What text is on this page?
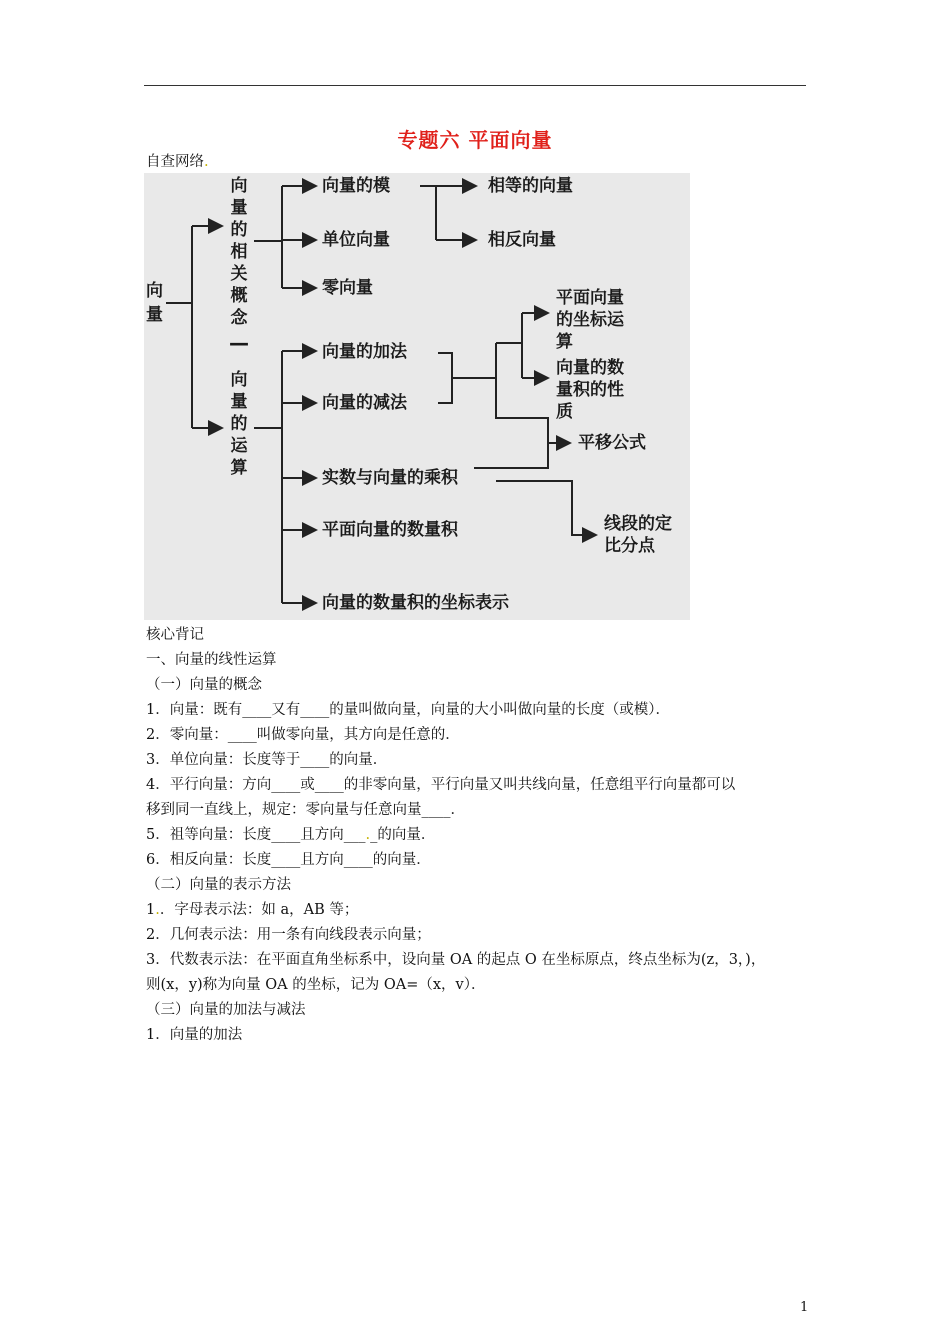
专题六 平面向量
自查网络.
向量
向量的相关概念
—
向量的运算
向量的模
单位向量
零向量
相等的向量
相反向量
向量的加法
向量的减法
实数与向量的乘积
平面向量的数量积
向量的数量积的坐标表示
平面向量的坐标运算
向量的数量积的性质
平移公式
线段的定比分点
核心背记
一、向量的线性运算
（一）向量的概念
1．向量：既有____又有____的量叫做向量，向量的大小叫做向量的长度（或模）．
2．零向量：____叫做零向量，其方向是任意的．
3．单位向量：长度等于____的向量．
4．平行向量：方向____或____的非零向量，平行向量又叫共线向量，任意组平行向量都可以
移到同一直线上，规定：零向量与任意向量____．
5．祖等向量：长度____且方向___._的向量．
6．相反向量：长度____且方向____的向量．
（二）向量的表示方法
1.．字母表示法：如 a，AB 等；
2．几何表示法：用一条有向线段表示向量；
3．代数表示法：在平面直角坐标系中，设向量 OA 的起点 O 在坐标原点，终点坐标为(z，3，)，
则(x，y)称为向量 OA 的坐标，记为 OA=（x，v）．
（三）向量的加法与减法
1．向量的加法
1
